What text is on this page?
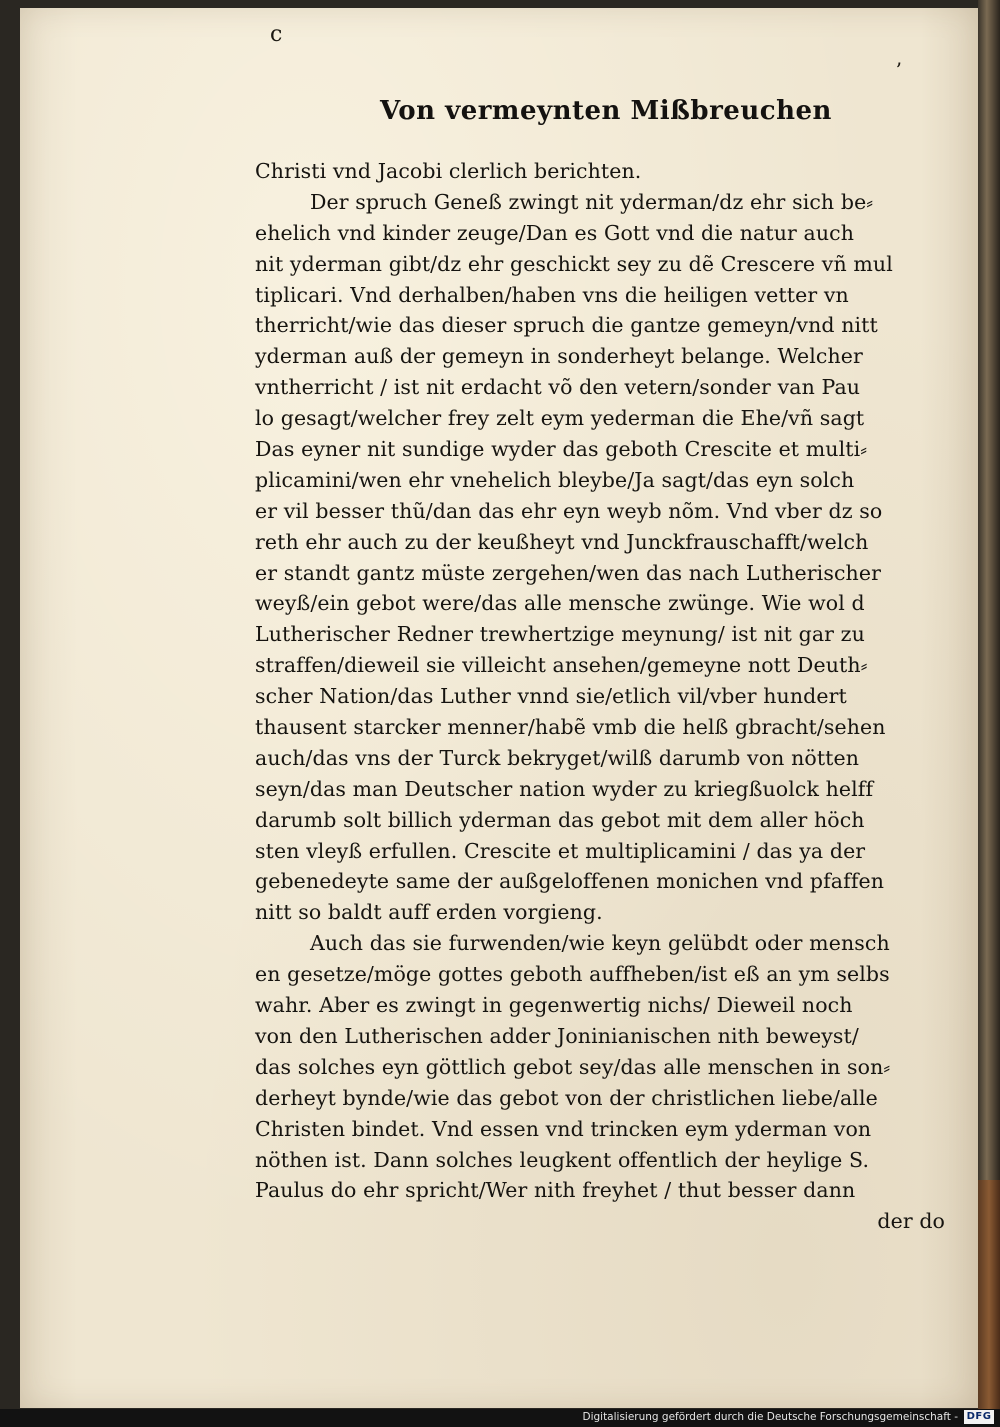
c
ʼ
Von vermeynten Mißbreuchen
Christi vnd Jacobi clerlich berichten.
Der spruch Geneß zwingt nit yderman/dz ehr sich be⸗
ehelich vnd kinder zeuge/Dan es Gott vnd die natur auch
nit yderman gibt/dz ehr geschickt sey zu dẽ Crescere vñ mul
tiplicari. Vnd derhalben/haben vns die heiligen vetter vn
therricht/wie das dieser spruch die gantze gemeyn/vnd nitt
yderman auß der gemeyn in sonderheyt belange. Welcher
vntherricht / ist nit erdacht võ den vetern/sonder van Pau
lo gesagt/welcher frey zelt eym yederman die Ehe/vñ sagt
Das eyner nit sundige wyder das geboth Crescite et multi⸗
plicamini/wen ehr vnehelich bleybe/Ja sagt/das eyn solch
er vil besser thũ/dan das ehr eyn weyb nõm. Vnd vber dz so
reth ehr auch zu der keußheyt vnd Junckfrauschafft/welch
er standt gantz müste zergehen/wen das nach Lutherischer
weyß/ein gebot were/das alle mensche zwünge. Wie wol d
Lutherischer Redner trewhertzige meynung/ ist nit gar zu
straffen/dieweil sie villeicht ansehen/gemeyne nott Deuth⸗
scher Nation/das Luther vnnd sie/etlich vil/vber hundert
thausent starcker menner/habẽ vmb die helß gbracht/sehen
auch/das vns der Turck bekryget/wilß darumb von nötten
seyn/das man Deutscher nation wyder zu kriegßuolck helff
darumb solt billich yderman das gebot mit dem aller höch
sten vleyß erfullen. Crescite et multiplicamini / das ya der
gebenedeyte same der außgeloffenen monichen vnd pfaffen
nitt so baldt auff erden vorgieng.
Auch das sie furwenden/wie keyn gelübdt oder mensch
en gesetze/möge gottes geboth auffheben/ist eß an ym selbs
wahr. Aber es zwingt in gegenwertig nichs/ Dieweil noch
von den Lutherischen adder Joninianischen nith beweyst/
das solches eyn göttlich gebot sey/das alle menschen in son⸗
derheyt bynde/wie das gebot von der christlichen liebe/alle
Christen bindet. Vnd essen vnd trincken eym yderman von
nöthen ist. Dann solches leugkent offentlich der heylige S.
Paulus do ehr spricht/Wer nith freyhet / thut besser dann
der do
Digitalisierung gefördert durch die Deutsche Forschungsgemeinschaft - DFG
